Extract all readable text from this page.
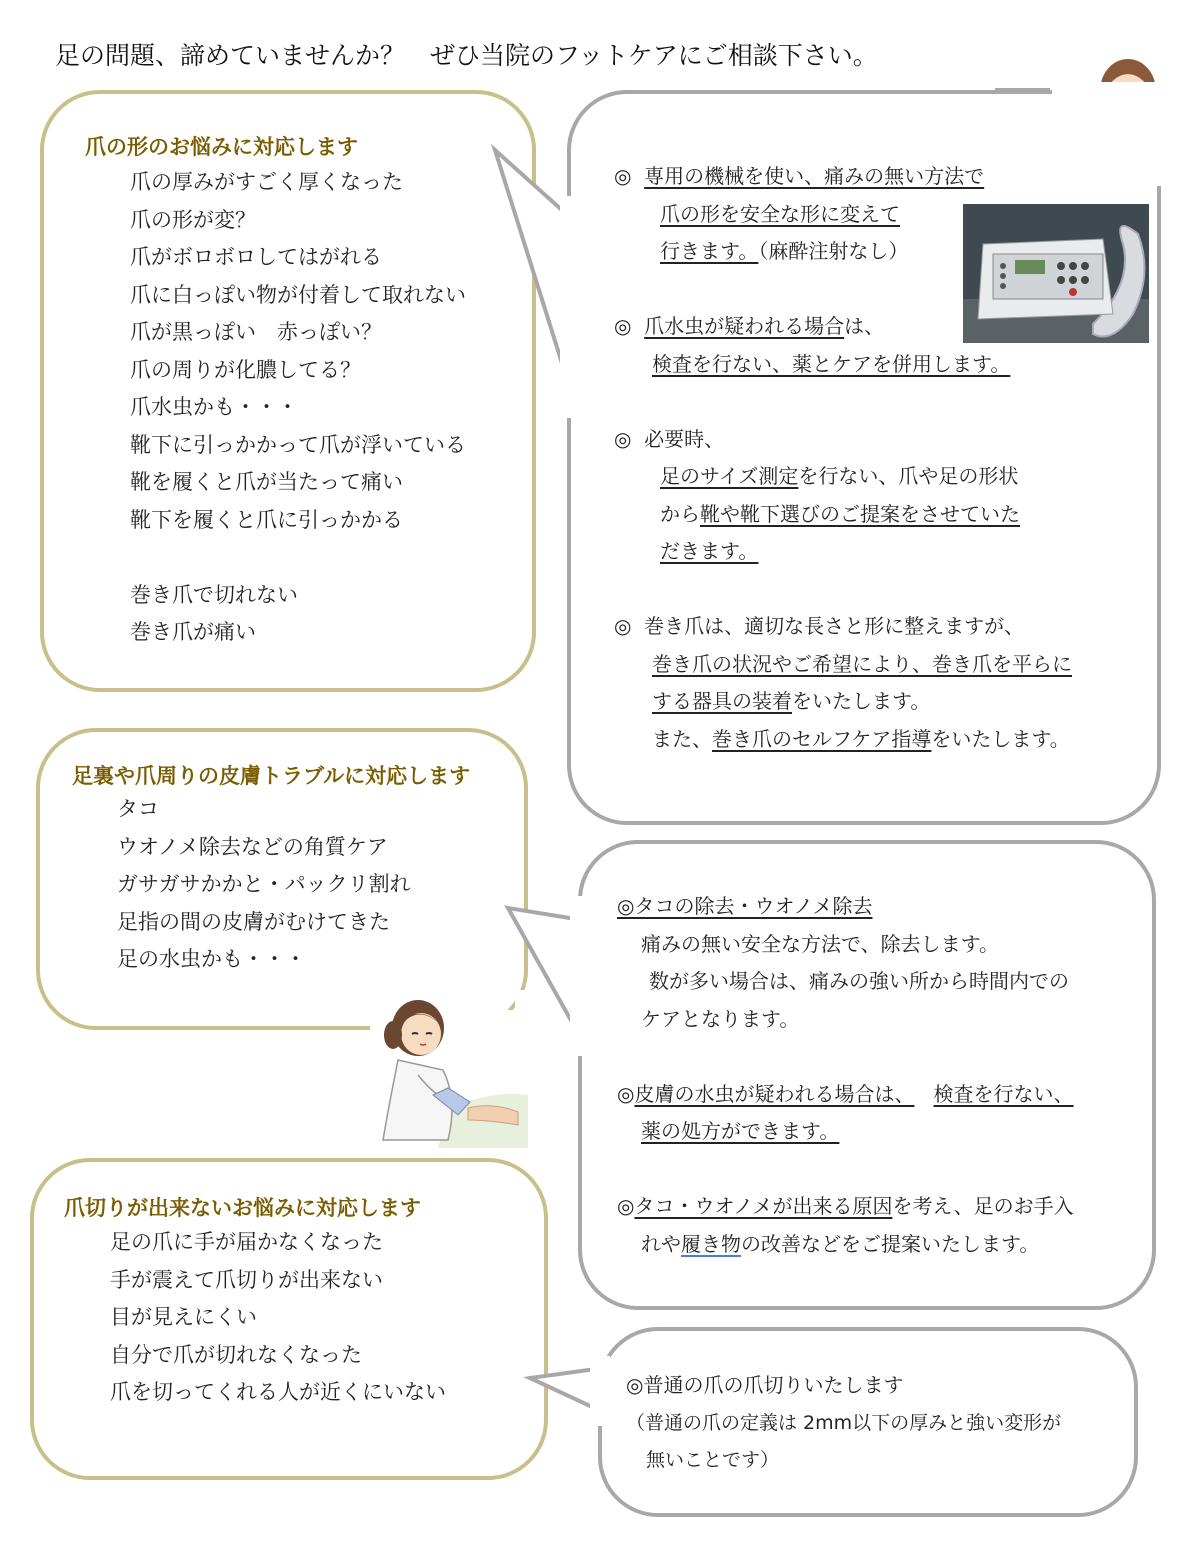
足の問題、諦めていませんか？　ぜひ当院のフットケアにご相談下さい。
爪の形のお悩みに対応します
爪の厚みがすごく厚くなった
爪の形が変？
爪がボロボロしてはがれる
爪に白っぽい物が付着して取れない
爪が黒っぽい　赤っぽい？
爪の周りが化膿してる？
爪水虫かも・・・
靴下に引っかかって爪が浮いている
靴を履くと爪が当たって痛い
靴下を履くと爪に引っかかる

巻き爪で切れない
巻き爪が痛い
◎ 専用の機械を使い、痛みの無い方法で
爪の形を安全な形に変えて
行きます。（麻酔注射なし）

◎ 爪水虫が疑われる場合は、
検査を行ない、薬とケアを併用します。

◎ 必要時、
足のサイズ測定を行ない、爪や足の形状
から靴や靴下選びのご提案をさせていた
だきます。

◎ 巻き爪は、適切な長さと形に整えますが、
巻き爪の状況やご希望により、巻き爪を平らに
する器具の装着をいたします。
また、巻き爪のセルフケア指導をいたします。
足裏や爪周りの皮膚トラブルに対応します
タコ
ウオノメ除去などの角質ケア
ガサガサかかと・パックリ割れ
足指の間の皮膚がむけてきた
足の水虫かも・・・
◎タコの除去・ウオノメ除去
痛みの無い安全な方法で、除去します。
数が多い場合は、痛みの強い所から時間内での
ケアとなります。

◎皮膚の水虫が疑われる場合は、 検査を行ない、
薬の処方ができます。

◎タコ・ウオノメが出来る原因を考え、足のお手入
れや履き物の改善などをご提案いたします。
爪切りが出来ないお悩みに対応します
足の爪に手が届かなくなった
手が震えて爪切りが出来ない
目が見えにくい
自分で爪が切れなくなった
爪を切ってくれる人が近くにいない	◎普通の爪の爪切りいたします
（普通の爪の定義は 2mm以下の厚みと強い変形が
無いことです）
